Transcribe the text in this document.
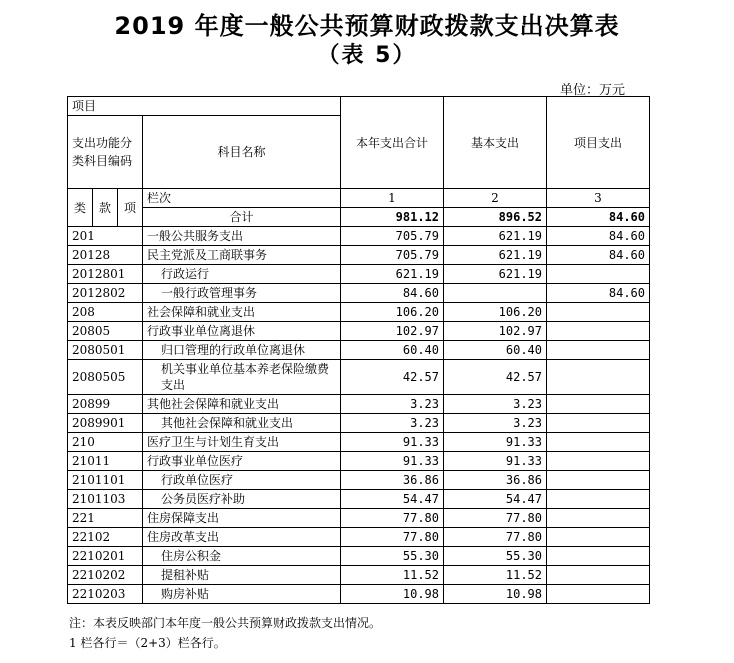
2019 年度一般公共预算财政拨款支出决算表
（表 5）
单位：万元
项目				本年支出合计	基本支出	项目支出
支出功能分类科目编码			科目名称			

类	款	项	栏次	1	2	3
			合计	981.12	896.52	84.60
201			一般公共服务支出	705.79	621.19	84.60
20128			民主党派及工商联事务	705.79	621.19	84.60
2012801			行政运行	621.19	621.19	
2012802			一般行政管理事务	84.60		84.60
208			社会保障和就业支出	106.20	106.20	
20805			行政事业单位离退休	102.97	102.97	
2080501			归口管理的行政单位离退休	60.40	60.40	
2080505			机关事业单位基本养老保险缴费支出	42.57	42.57	
20899			其他社会保障和就业支出	3.23	3.23	
2089901			其他社会保障和就业支出	3.23	3.23	
210			医疗卫生与计划生育支出	91.33	91.33	
21011			行政事业单位医疗	91.33	91.33	
2101101			行政单位医疗	36.86	36.86	
2101103			公务员医疗补助	54.47	54.47	
221			住房保障支出	77.80	77.80	
22102			住房改革支出	77.80	77.80	
2210201			住房公积金	55.30	55.30	
2210202			提租补贴	11.52	11.52	
2210203			购房补贴	10.98	10.98	
注：本表反映部门本年度一般公共预算财政拨款支出情况。
1 栏各行＝（2+3）栏各行。
